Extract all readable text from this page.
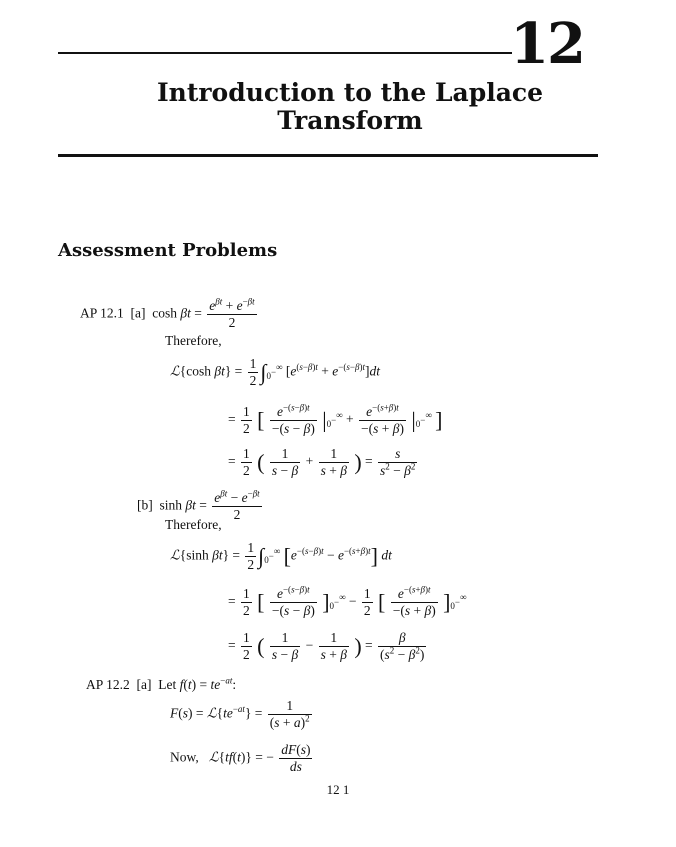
12
Introduction to the Laplace
Transform
Assessment Problems
AP 12.1 [a]  $\cosh \beta t = \frac{e^{\beta t} + e^{-\beta t}}{2}$
Therefore,
ℒ{cosh $\beta t\} = \frac{1}{2} \int_{0^-}^\infty$ $[e^{(s-\beta)t} + e^{-(s-\beta)t}]dt$
= $\frac{1}{2}$ [ $\frac{e^{-(s-\beta)t}}{-(s - \beta)} |_{0^-}^\infty + \frac{e^{-(s+\beta)t}}{-(s + \beta)} |_{0^-}^\infty$ ]
= $\frac{1}{2}$ ( $\frac{1}{s - \beta} + \frac{1}{s + \beta}$ ) = $\frac{s}{s^2 - \beta^2}$
[b]  $\sinh \beta t = \frac{e^{\beta t} - e^{-\beta t}}{2}$
Therefore,
ℒ{sinh $\beta t\} = \frac{1}{2} \int_{0^-}^\infty$ $[e^{-(s-\beta)t} - e^{-(s+\beta)t}]$ dt
= $\frac{1}{2}$ [ $\frac{e^{-(s-\beta)t}}{-(s - \beta)} ]_{0^-}^\infty - \frac{1}{2}$ [ $\frac{e^{-(s+\beta)t}}{-(s + \beta)} ]_{0^-}^\infty$
= $\frac{1}{2}$ ( $\frac{1}{s - \beta} - \frac{1}{s + \beta}$ ) = $\frac{\beta}{(s^2 - \beta^2)}$
AP 12.2 [a] Let $f(t) = te^{-at}$:
$F(s) = ℒ\{te^{-at}\} = \frac{1}{(s + a)^2}$
Now, ℒ{tf(t)} = − $\frac{dF(s)}{ds}$
12 1
